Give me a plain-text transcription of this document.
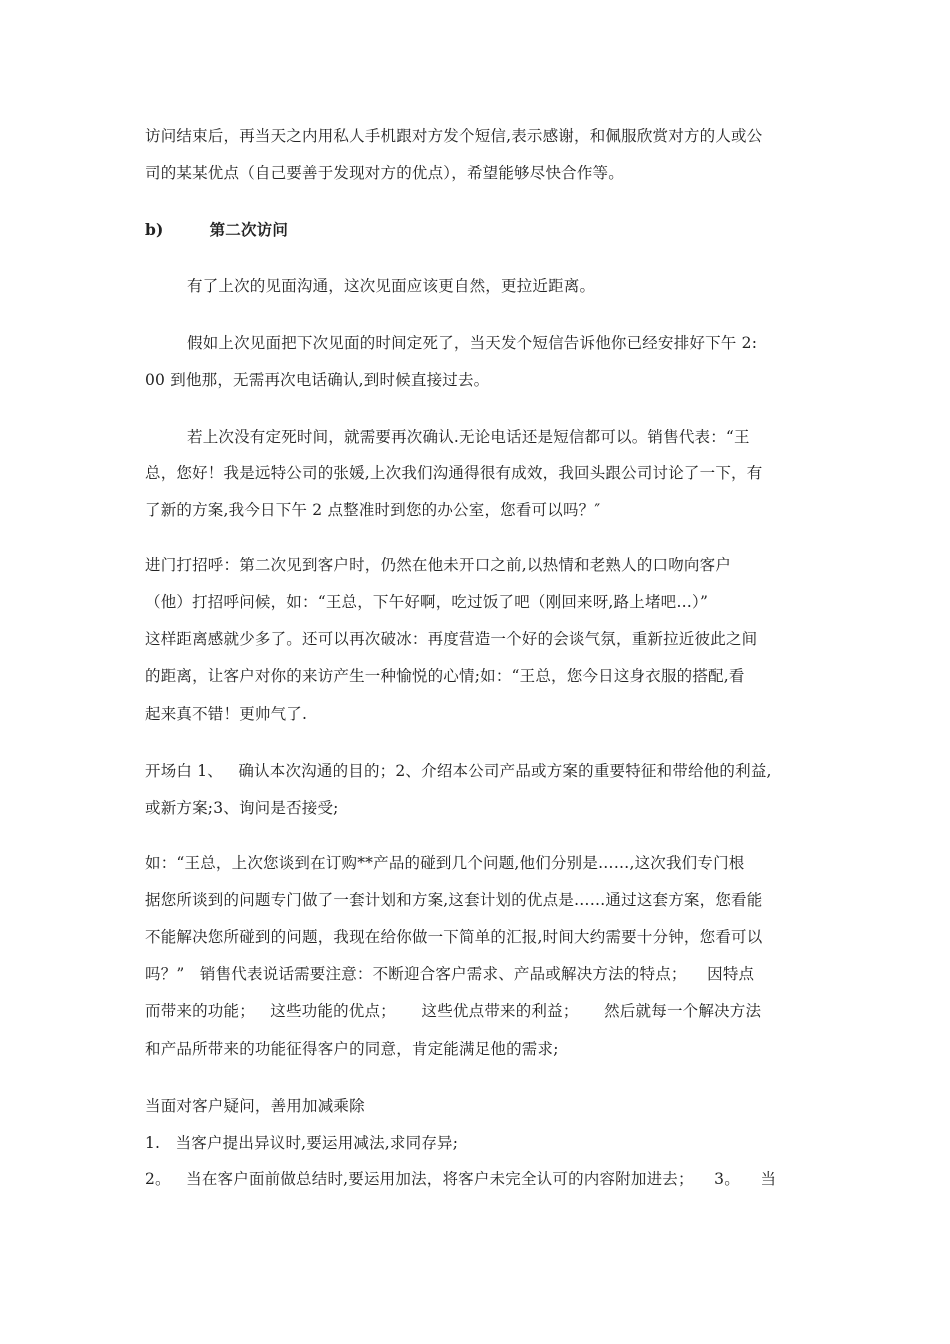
访问结束后，再当天之内用私人手机跟对方发个短信,表示感谢，和佩服欣赏对方的人或公
司的某某优点（自己要善于发现对方的优点），希望能够尽快合作等。
b)	第二次访问
有了上次的见面沟通，这次见面应该更自然，更拉近距离。
假如上次见面把下次见面的时间定死了，当天发个短信告诉他你已经安排好下午 2:
00 到他那，无需再次电话确认,到时候直接过去。
若上次没有定死时间，就需要再次确认.无论电话还是短信都可以。销售代表：“王
总，您好！我是远特公司的张媛,上次我们沟通得很有成效，我回头跟公司讨论了一下，有
了新的方案,我今日下午 2 点整准时到您的办公室，您看可以吗？″
进门打招呼：第二次见到客户时，仍然在他未开口之前,以热情和老熟人的口吻向客户
（他）打招呼问候，如：“王总，下午好啊，吃过饭了吧（刚回来呀,路上堵吧…）”
这样距离感就少多了。还可以再次破冰：再度营造一个好的会谈气氛，重新拉近彼此之间
的距离，让客户对你的来访产生一种愉悦的心情;如：“王总，您今日这身衣服的搭配,看
起来真不错！更帅气了.
开场白 1、   确认本次沟通的目的；2、介绍本公司产品或方案的重要特征和带给他的利益,
或新方案;3、询问是否接受;
如：“王总，上次您谈到在订购**产品的碰到几个问题,他们分别是……,这次我们专门根
据您所谈到的问题专门做了一套计划和方案,这套计划的优点是……通过这套方案，您看能
不能解决您所碰到的问题，我现在给你做一下简单的汇报,时间大约需要十分钟，您看可以
吗？”   销售代表说话需要注意：不断迎合客户需求、产品或解决方法的特点；    因特点
而带来的功能；   这些功能的优点；     这些优点带来的利益；     然后就每一个解决方法
和产品所带来的功能征得客户的同意，肯定能满足他的需求;
当面对客户疑问，善用加减乘除
1.   当客户提出异议时,要运用减法,求同存异;
2。   当在客户面前做总结时,要运用加法，将客户未完全认可的内容附加进去；    3。    当
